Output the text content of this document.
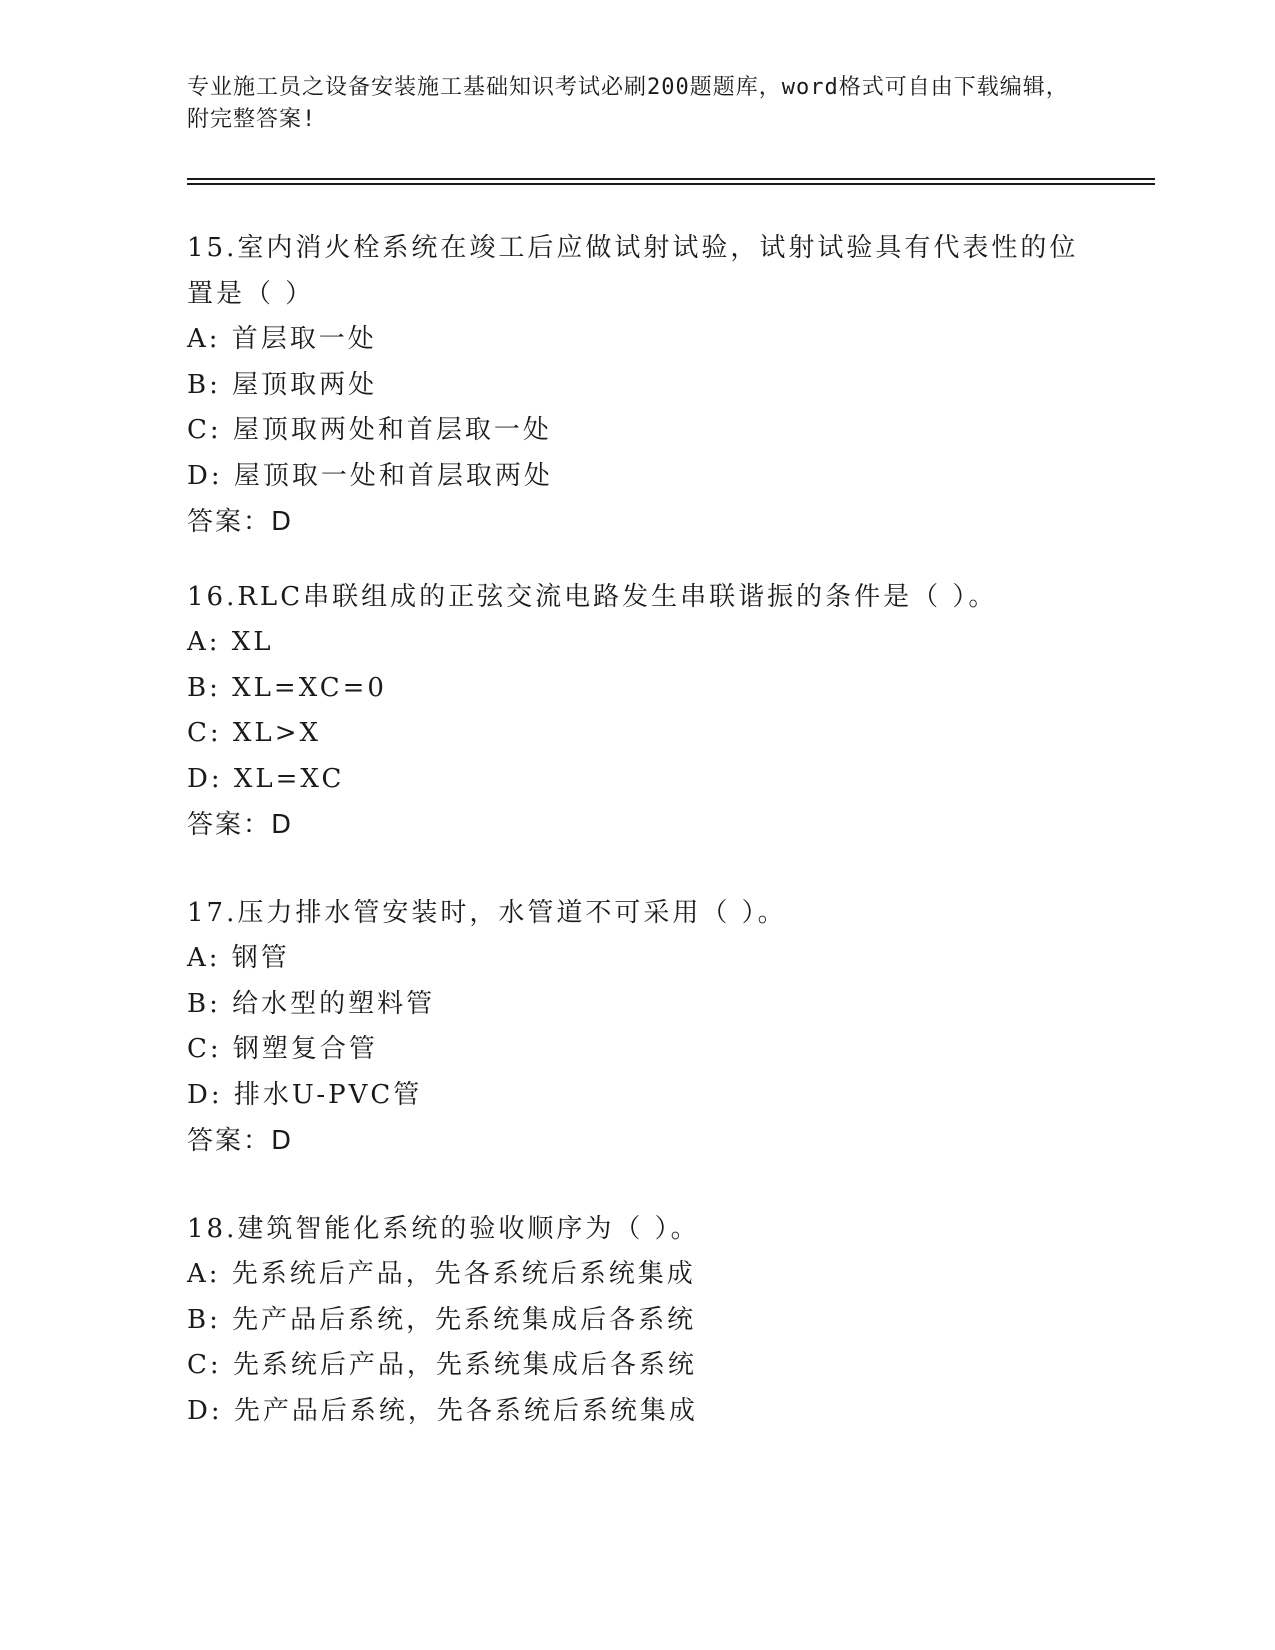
专业施工员之设备安装施工基础知识考试必刷200题题库，word格式可自由下载编辑，附完整答案!
15.室内消火栓系统在竣工后应做试射试验，试射试验具有代表性的位置是（ ）
A: 首层取一处
B: 屋顶取两处
C: 屋顶取两处和首层取一处
D: 屋顶取一处和首层取两处
答案：D
16.RLC串联组成的正弦交流电路发生串联谐振的条件是（ ）。
A: XL
B: XL=XC=0
C: XL>X
D: XL=XC
答案：D
17.压力排水管安装时，水管道不可采用（ ）。
A: 钢管
B: 给水型的塑料管
C: 钢塑复合管
D: 排水U-PVC管
答案：D
18.建筑智能化系统的验收顺序为（ ）。
A: 先系统后产品，先各系统后系统集成
B: 先产品后系统，先系统集成后各系统
C: 先系统后产品，先系统集成后各系统
D: 先产品后系统，先各系统后系统集成
